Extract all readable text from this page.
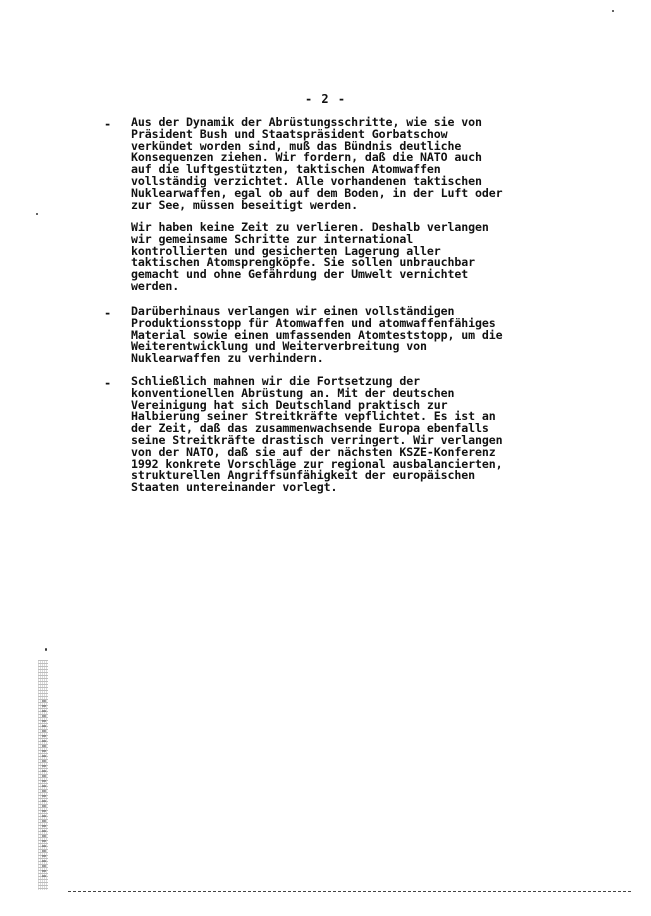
- 2 -
- Aus der Dynamik der Abrüstungsschritte, wie sie von
Präsident Bush und Staatspräsident Gorbatschow
verkündet worden sind, muß das Bündnis deutliche
Konsequenzen ziehen. Wir fordern, daß die NATO auch
auf die luftgestützten, taktischen Atomwaffen
vollständig verzichtet. Alle vorhandenen taktischen
Nuklearwaffen, egal ob auf dem Boden, in der Luft oder
zur See, müssen beseitigt werden.
Wir haben keine Zeit zu verlieren. Deshalb verlangen
wir gemeinsame Schritte zur international
kontrollierten und gesicherten Lagerung aller
taktischen Atomsprengköpfe. Sie sollen unbrauchbar
gemacht und ohne Gefährdung der Umwelt vernichtet
werden.
- Darüberhinaus verlangen wir einen vollständigen
Produktionsstopp für Atomwaffen und atomwaffenfähiges
Material sowie einen umfassenden Atomteststopp, um die
Weiterentwicklung und Weiterverbreitung von
Nuklearwaffen zu verhindern.
- Schließlich mahnen wir die Fortsetzung der
konventionellen Abrüstung an. Mit der deutschen
Vereinigung hat sich Deutschland praktisch zur
Halbierung seiner Streitkräfte vepflichtet. Es ist an
der Zeit, daß das zusammenwachsende Europa ebenfalls
seine Streitkräfte drastisch verringert. Wir verlangen
von der NATO, daß sie auf der nächsten KSZE-Konferenz
1992 konkrete Vorschläge zur regional ausbalancierten,
strukturellen Angriffsunfähigkeit der europäischen
Staaten untereinander vorlegt.
